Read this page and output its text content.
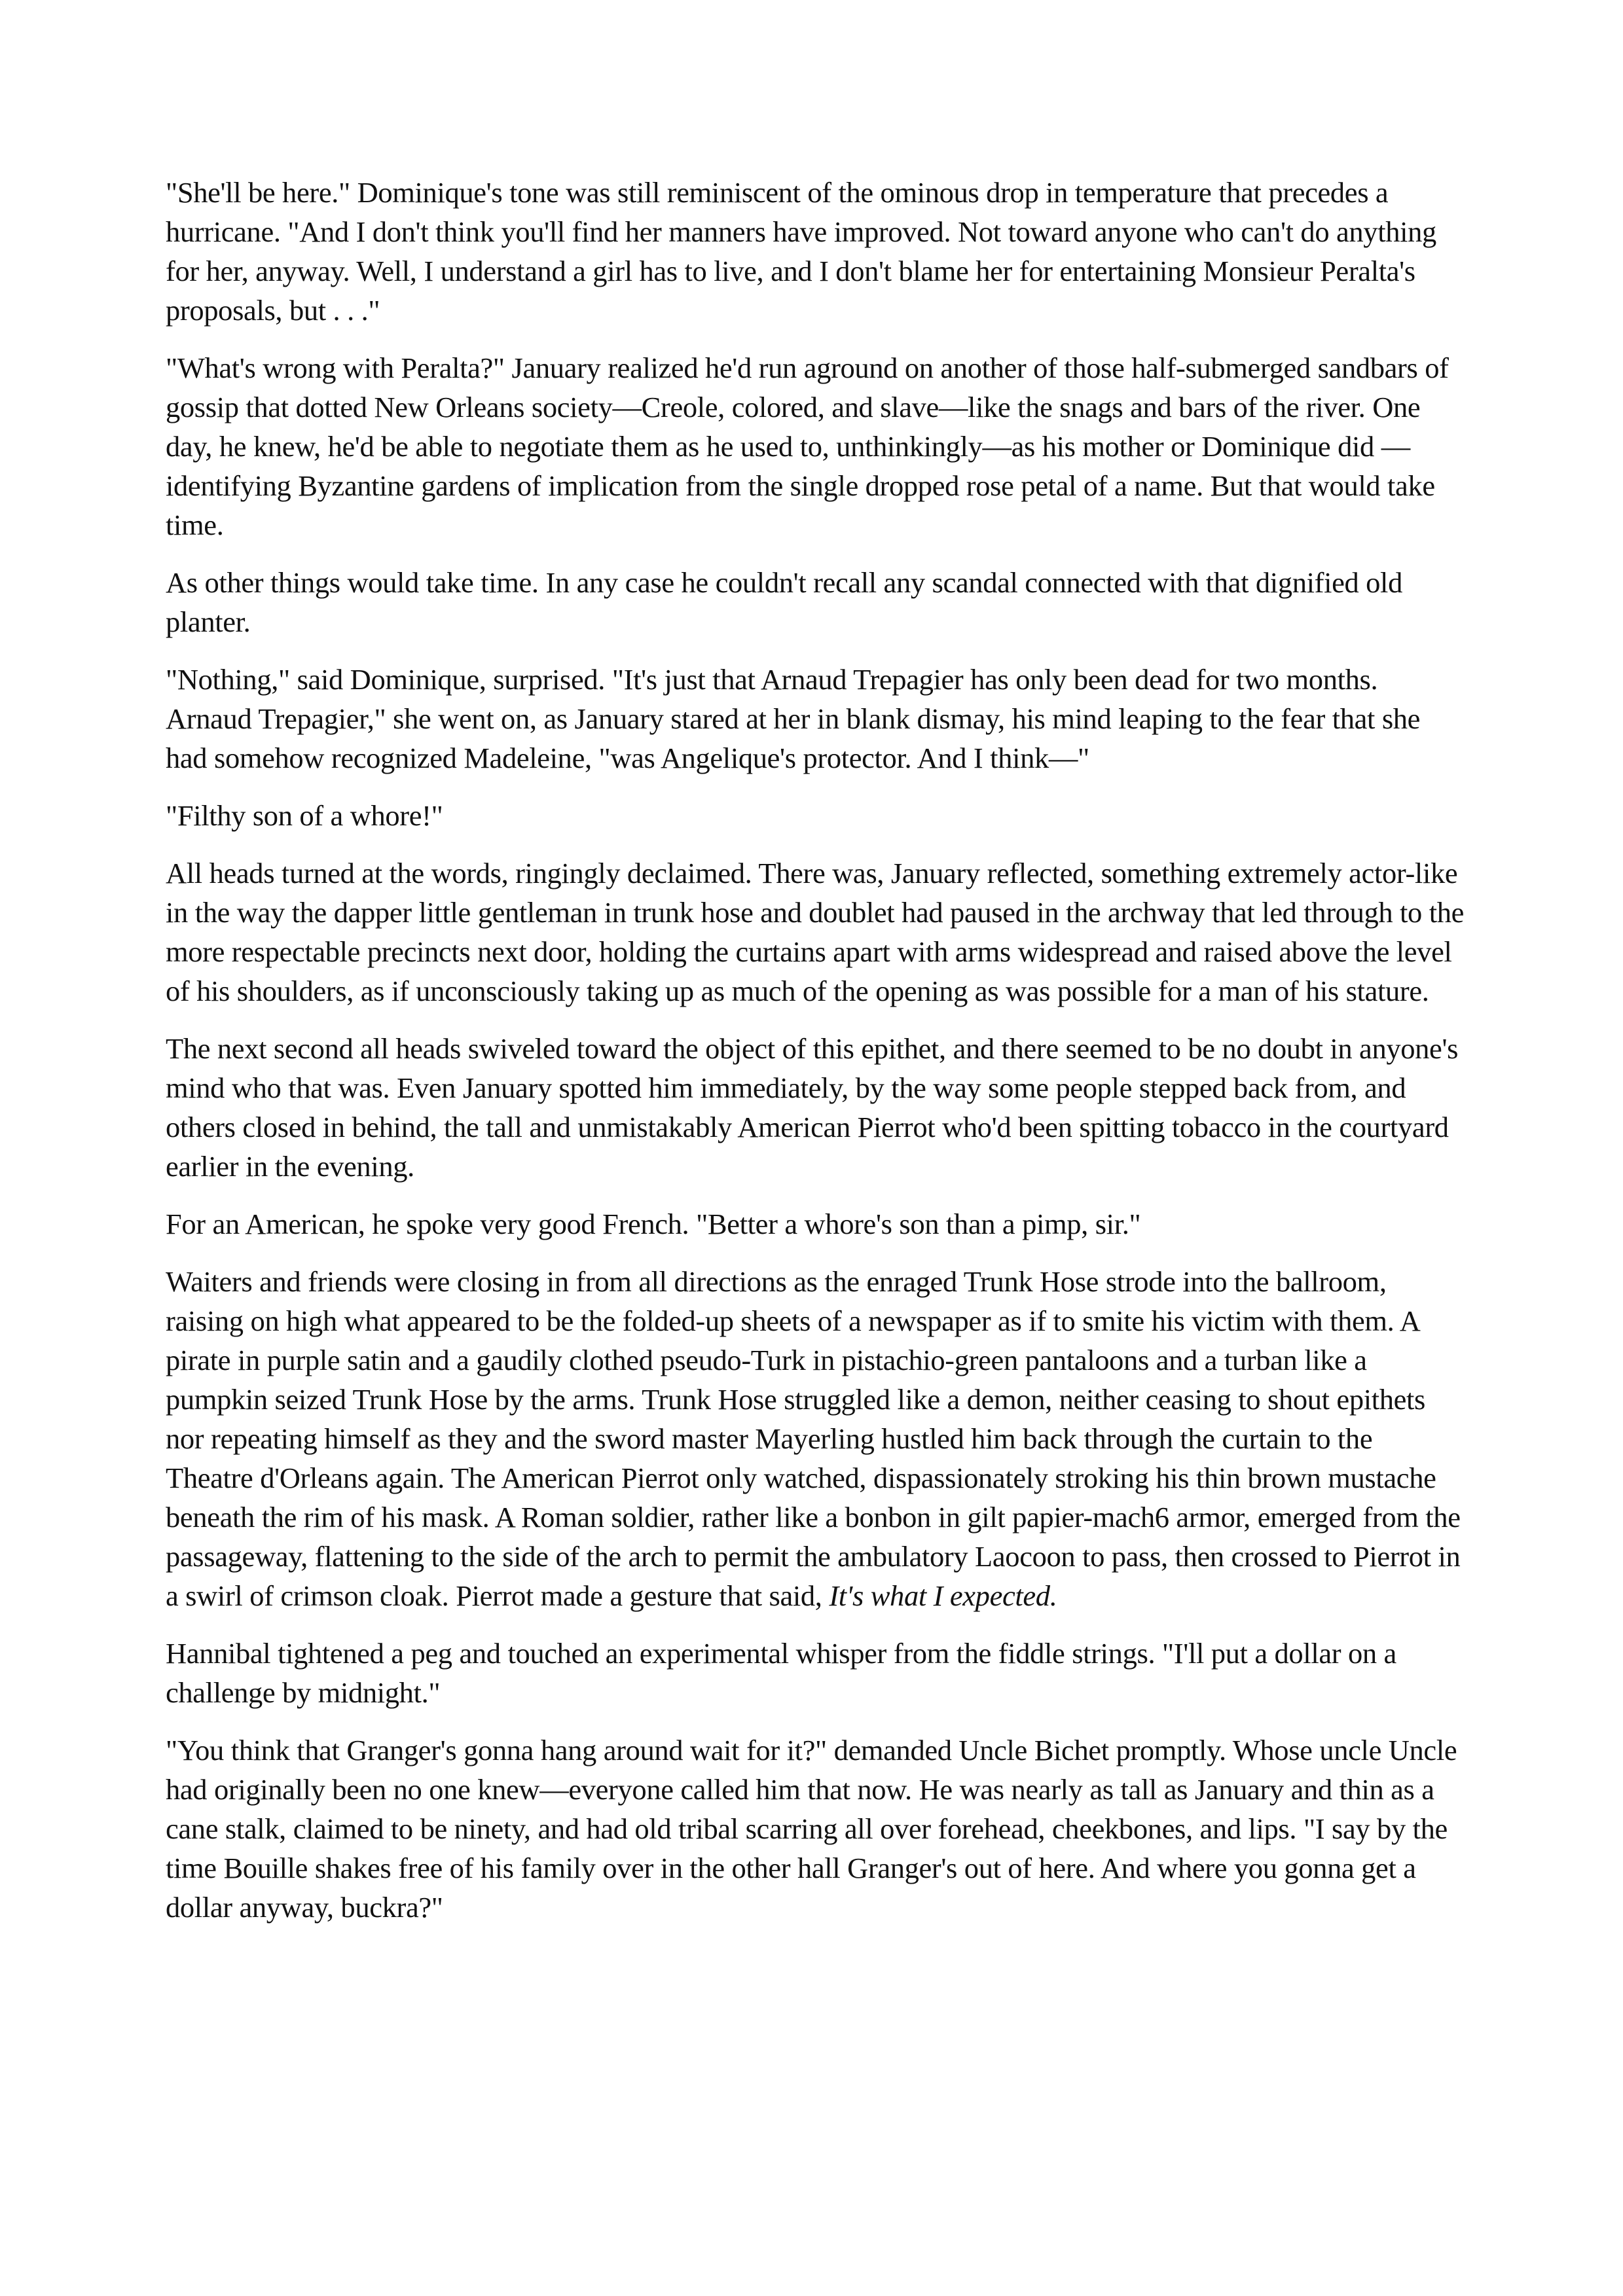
"She'll be here." Dominique's tone was still reminiscent of the ominous drop in temperature that precedes a hurricane. "And I don't think you'll find her manners have improved. Not toward anyone who can't do anything for her, anyway. Well, I understand a girl has to live, and I don't blame her for entertaining Monsieur Peralta's proposals, but . . ."

"What's wrong with Peralta?" January realized he'd run aground on another of those half-submerged sandbars of gossip that dotted New Orleans society—Creole, colored, and slave—like the snags and bars of the river. One day, he knew, he'd be able to negotiate them as he used to, unthinkingly—as his mother or Dominique did —identifying Byzantine gardens of implication from the single dropped rose petal of a name. But that would take time.

As other things would take time. In any case he couldn't recall any scandal connected with that dignified old planter.

"Nothing," said Dominique, surprised. "It's just that Arnaud Trepagier has only been dead for two months. Arnaud Trepagier," she went on, as January stared at her in blank dismay, his mind leaping to the fear that she had somehow recognized Madeleine, "was Angelique's protector. And I think—"

"Filthy son of a whore!"

All heads turned at the words, ringingly declaimed. There was, January reflected, something extremely actor-like in the way the dapper little gentleman in trunk hose and doublet had paused in the archway that led through to the more respectable precincts next door, holding the curtains apart with arms widespread and raised above the level of his shoulders, as if unconsciously taking up as much of the opening as was possible for a man of his stature.

The next second all heads swiveled toward the object of this epithet, and there seemed to be no doubt in anyone's mind who that was. Even January spotted him immediately, by the way some people stepped back from, and others closed in behind, the tall and unmistakably American Pierrot who'd been spitting tobacco in the courtyard earlier in the evening.

For an American, he spoke very good French. "Better a whore's son than a pimp, sir."

Waiters and friends were closing in from all directions as the enraged Trunk Hose strode into the ballroom, raising on high what appeared to be the folded-up sheets of a newspaper as if to smite his victim with them. A pirate in purple satin and a gaudily clothed pseudo-Turk in pistachio-green pantaloons and a turban like a pumpkin seized Trunk Hose by the arms. Trunk Hose struggled like a demon, neither ceasing to shout epithets nor repeating himself as they and the sword master Mayerling hustled him back through the curtain to the Theatre d'Orleans again. The American Pierrot only watched, dispassionately stroking his thin brown mustache beneath the rim of his mask. A Roman soldier, rather like a bonbon in gilt papier-mach6 armor, emerged from the passageway, flattening to the side of the arch to permit the ambulatory Laocoon to pass, then crossed to Pierrot in a swirl of crimson cloak. Pierrot made a gesture that said, It's what I expected.

Hannibal tightened a peg and touched an experimental whisper from the fiddle strings. "I'll put a dollar on a challenge by midnight."

"You think that Granger's gonna hang around wait for it?" demanded Uncle Bichet promptly. Whose uncle Uncle had originally been no one knew—everyone called him that now. He was nearly as tall as January and thin as a cane stalk, claimed to be ninety, and had old tribal scarring all over forehead, cheekbones, and lips. "I say by the time Bouille shakes free of his family over in the other hall Granger's out of here. And where you gonna get a dollar anyway, buckra?"
